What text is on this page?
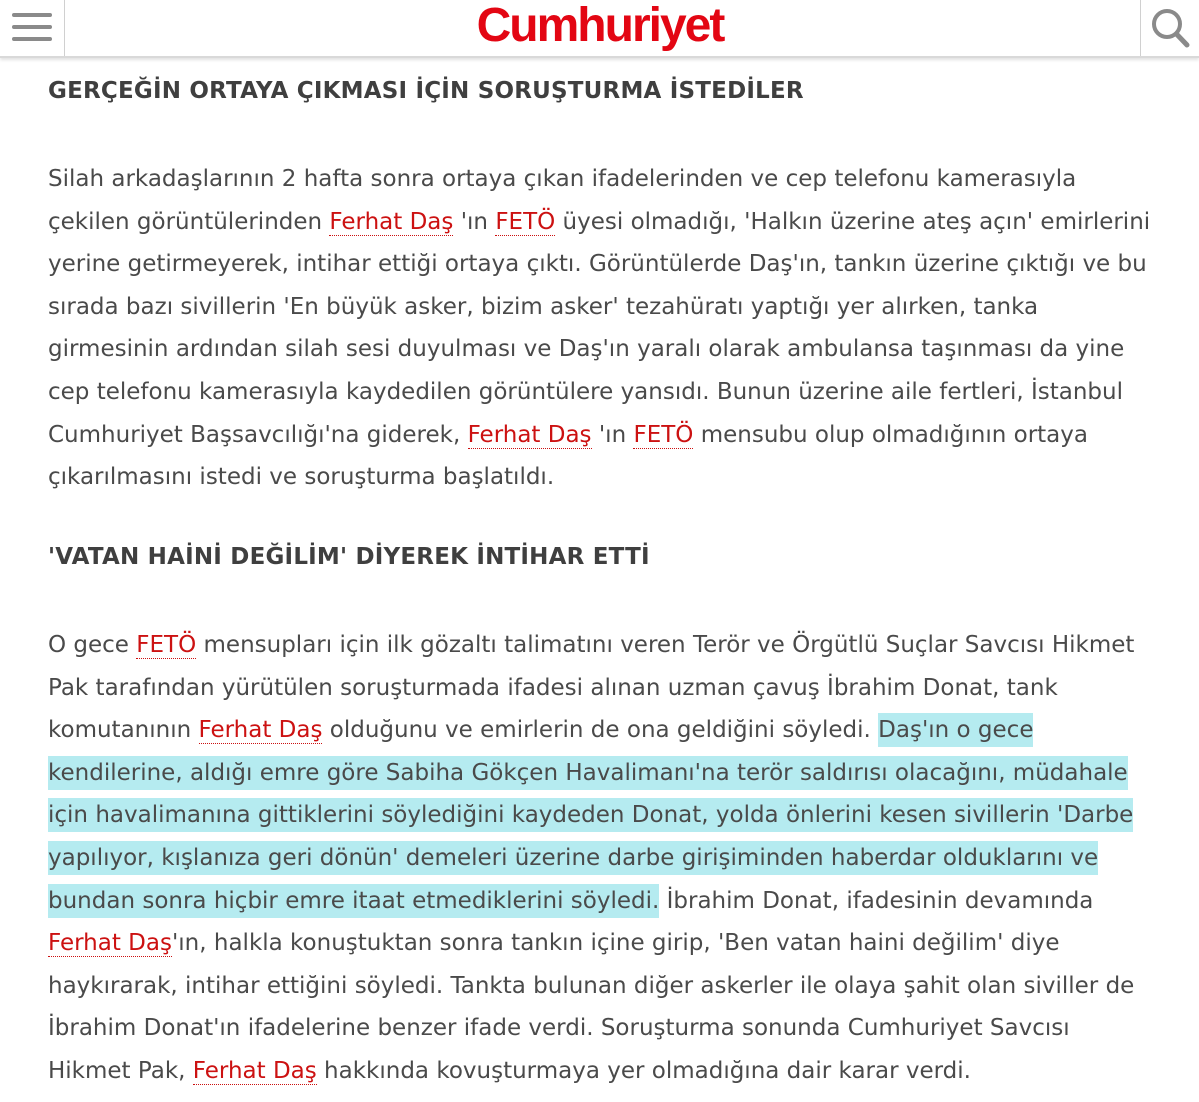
Cumhuriyet
GERÇEĞİN ORTAYA ÇIKMASI İÇİN SORUŞTURMA İSTEDİLER

Silah arkadaşlarının 2 hafta sonra ortaya çıkan ifadelerinden ve cep telefonu kamerasıyla çekilen görüntülerinden Ferhat Daş 'ın FETÖ üyesi olmadığı, 'Halkın üzerine ateş açın' emirlerini yerine getirmeyerek, intihar ettiği ortaya çıktı. Görüntülerde Daş'ın, tankın üzerine çıktığı ve bu sırada bazı sivillerin 'En büyük asker, bizim asker' tezahüratı yaptığı yer alırken, tanka girmesinin ardından silah sesi duyulması ve Daş'ın yaralı olarak ambulansa taşınması da yine cep telefonu kamerasıyla kaydedilen görüntülere yansıdı. Bunun üzerine aile fertleri, İstanbul Cumhuriyet Başsavcılığı'na giderek, Ferhat Daş 'ın FETÖ mensubu olup olmadığının ortaya çıkarılmasını istedi ve soruşturma başlatıldı.

'VATAN HAİNİ DEĞİLİM' DİYEREK İNTİHAR ETTİ

O gece FETÖ mensupları için ilk gözaltı talimatını veren Terör ve Örgütlü Suçlar Savcısı Hikmet Pak tarafından yürütülen soruşturmada ifadesi alınan uzman çavuş İbrahim Donat, tank komutanının Ferhat Daş olduğunu ve emirlerin de ona geldiğini söyledi. Daş'ın o gece kendilerine, aldığı emre göre Sabiha Gökçen Havalimanı'na terör saldırısı olacağını, müdahale için havalimanına gittiklerini söylediğini kaydeden Donat, yolda önlerini kesen sivillerin 'Darbe yapılıyor, kışlanıza geri dönün' demeleri üzerine darbe girişiminden haberdar olduklarını ve bundan sonra hiçbir emre itaat etmediklerini söyledi. İbrahim Donat, ifadesinin devamında Ferhat Daş'ın, halkla konuştuktan sonra tankın içine girip, 'Ben vatan haini değilim' diye haykırarak, intihar ettiğini söyledi. Tankta bulunan diğer askerler ile olaya şahit olan siviller de İbrahim Donat'ın ifadelerine benzer ifade verdi. Soruşturma sonunda Cumhuriyet Savcısı Hikmet Pak, Ferhat Daş hakkında kovuşturmaya yer olmadığına dair karar verdi.
